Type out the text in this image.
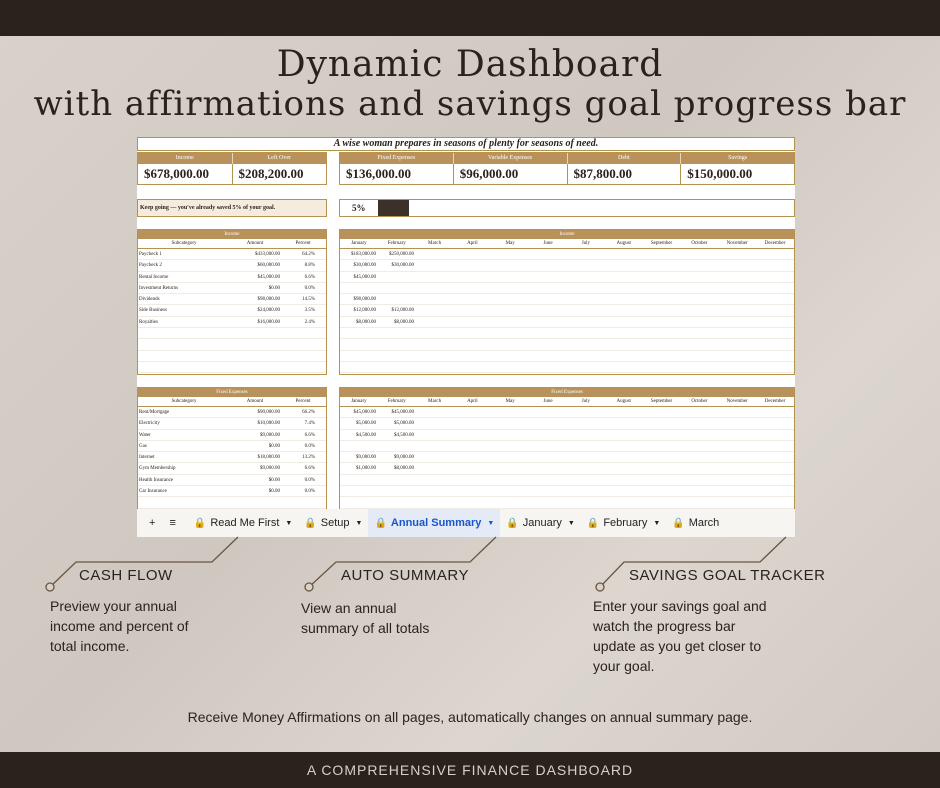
Dynamic Dashboard
with affirmations and savings goal progress bar
A wise woman prepares in seasons of plenty for seasons of need.
Income	Left Over
$678,000.00	$208,200.00
Fixed Expenses	Variable Expenses	Debt	Savings
$136,000.00	$96,000.00	$87,800.00	$150,000.00
Keep going — you've already saved 5% of your goal.	5%
Income
Subcategory	Amount	Percent
Paycheck 1	$433,000.00	64.2%
Paycheck 2	$60,000.00	8.8%
Rental Income	$45,000.00	6.6%
Investment Returns	$0.00	0.0%
Dividends	$98,000.00	14.5%
Side Business	$24,000.00	3.5%
Royalties	$16,000.00	2.4%
Income
January	February	March	April	May	June	July	August	September	October	November	December
$183,000.00	$250,000.00
$30,000.00	$30,000.00
$45,000.00
$98,000.00
$12,000.00	$12,000.00
$8,000.00	$8,000.00
Fixed Expenses
Subcategory	Amount	Percent
Rent/Mortgage	$90,000.00	66.2%
Electricity	$10,000.00	7.4%
Water	$9,000.00	6.6%
Gas	$0.00	0.0%
Internet	$18,000.00	13.2%
Gym Membership	$9,000.00	6.6%
Health Insurance	$0.00	0.0%
Car Insurance	$0.00	0.0%
Fixed Expenses
January	February	March	April	May	June	July	August	September	October	November	December
$45,000.00	$45,000.00
$5,000.00	$5,000.00
$4,500.00	$4,500.00
$9,000.00	$9,000.00
$1,000.00	$8,000.00
+	≡	🔒 Read Me First ▼ 🔒 Setup ▼ 🔒 Annual Summary ▼ 🔒 January ▼ 🔒 February ▼ 🔒 March
CASH FLOW
Preview your annual
income and percent of
total income.
AUTO SUMMARY
View an annual
summary of all totals
SAVINGS GOAL TRACKER
Enter your savings goal and
watch the progress bar
update as you get closer to
your goal.
Receive Money Affirmations on all pages, automatically changes on annual summary page.
A COMPREHENSIVE FINANCE DASHBOARD
